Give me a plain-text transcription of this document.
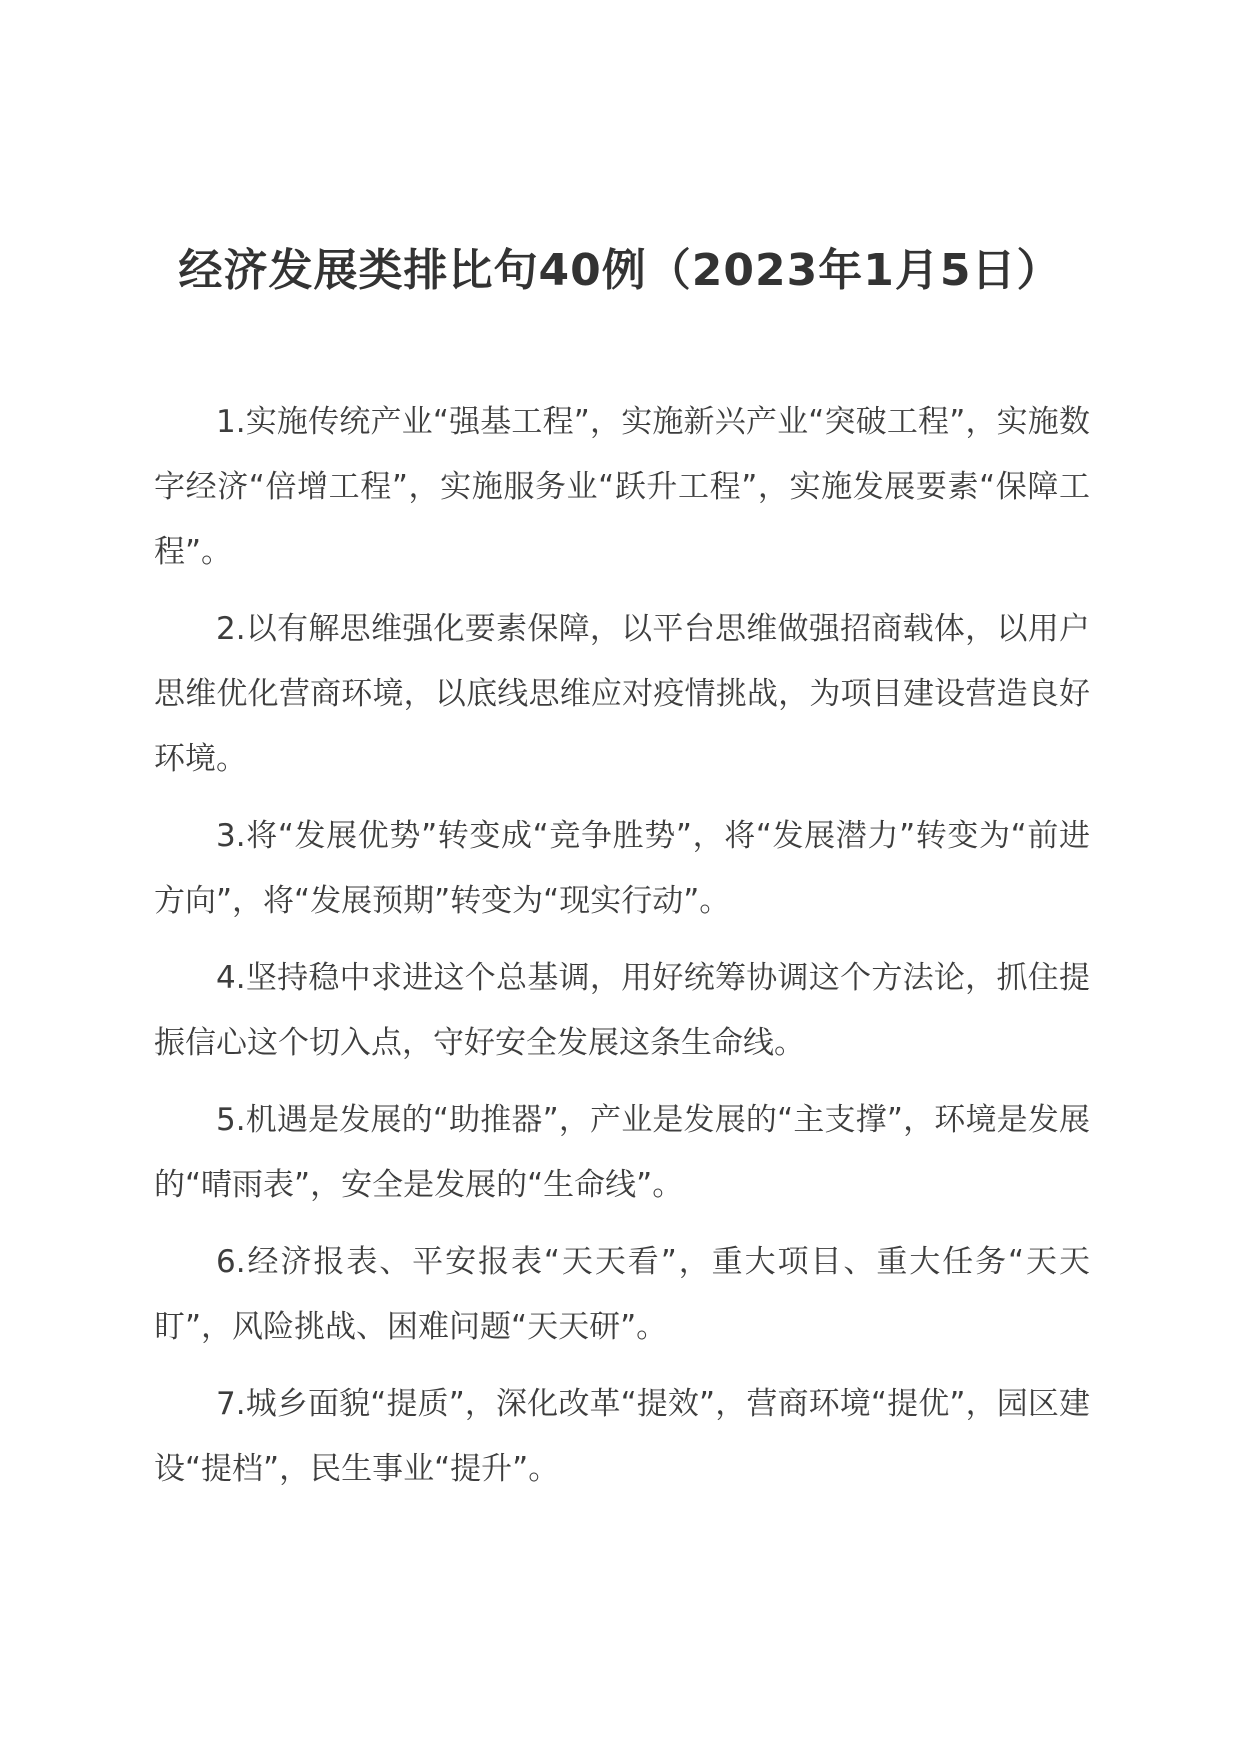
经济发展类排比句40例（2023年1月5日）

1.实施传统产业“强基工程”，实施新兴产业“突破工程”，实施数字经济“倍增工程”，实施服务业“跃升工程”，实施发展要素“保障工程”。

2.以有解思维强化要素保障，以平台思维做强招商载体，以用户思维优化营商环境，以底线思维应对疫情挑战，为项目建设营造良好环境。

3.将“发展优势”转变成“竞争胜势”，将“发展潜力”转变为“前进方向”，将“发展预期”转变为“现实行动”。

4.坚持稳中求进这个总基调，用好统筹协调这个方法论，抓住提振信心这个切入点，守好安全发展这条生命线。

5.机遇是发展的“助推器”，产业是发展的“主支撑”，环境是发展的“晴雨表”，安全是发展的“生命线”。

6.经济报表、平安报表“天天看”，重大项目、重大任务“天天盯”，风险挑战、困难问题“天天研”。

7.城乡面貌“提质”，深化改革“提效”，营商环境“提优”，园区建设“提档”，民生事业“提升”。
